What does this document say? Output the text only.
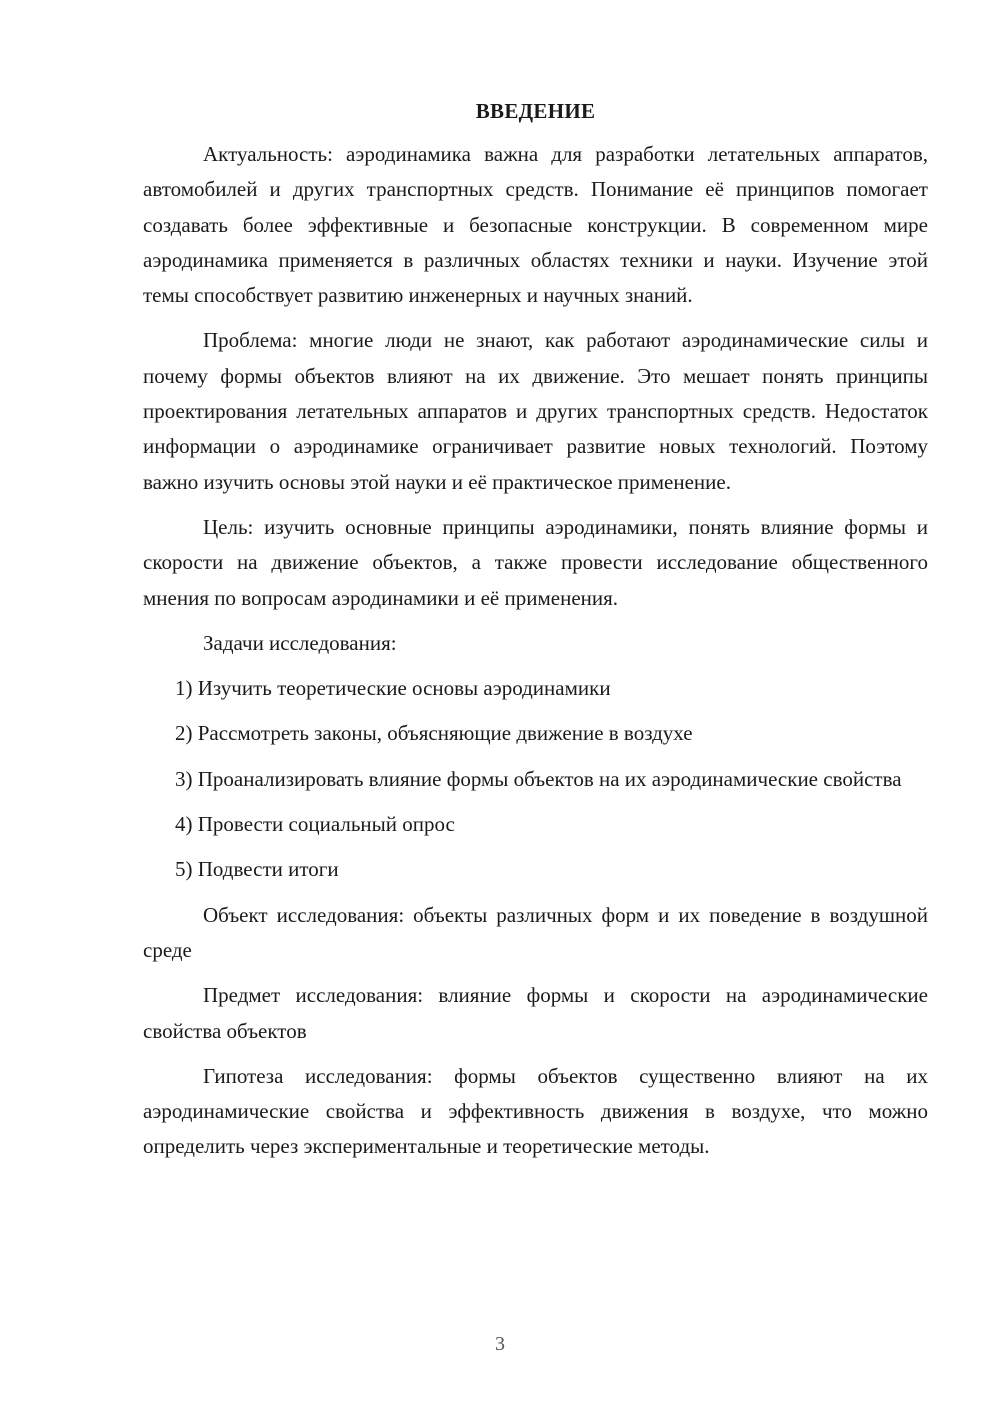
ВВЕДЕНИЕ

Актуальность: аэродинамика важна для разработки летательных аппаратов, автомобилей и других транспортных средств. Понимание её принципов помогает создавать более эффективные и безопасные конструкции. В современном мире аэродинамика применяется в различных областях техники и науки. Изучение этой темы способствует развитию инженерных и научных знаний.

Проблема: многие люди не знают, как работают аэродинамические силы и почему формы объектов влияют на их движение. Это мешает понять принципы проектирования летательных аппаратов и других транспортных средств. Недостаток информации о аэродинамике ограничивает развитие новых технологий. Поэтому важно изучить основы этой науки и её практическое применение.

Цель: изучить основные принципы аэродинамики, понять влияние формы и скорости на движение объектов, а также провести исследование общественного мнения по вопросам аэродинамики и её применения.

Задачи исследования:

1) Изучить теоретические основы аэродинамики

2) Рассмотреть законы, объясняющие движение в воздухе

3) Проанализировать влияние формы объектов на их аэродинамические свойства

4) Провести социальный опрос

5) Подвести итоги

Объект исследования: объекты различных форм и их поведение в воздушной среде

Предмет исследования: влияние формы и скорости на аэродинамические свойства объектов

Гипотеза исследования: формы объектов существенно влияют на их аэродинамические свойства и эффективность движения в воздухе, что можно определить через экспериментальные и теоретические методы.

3
